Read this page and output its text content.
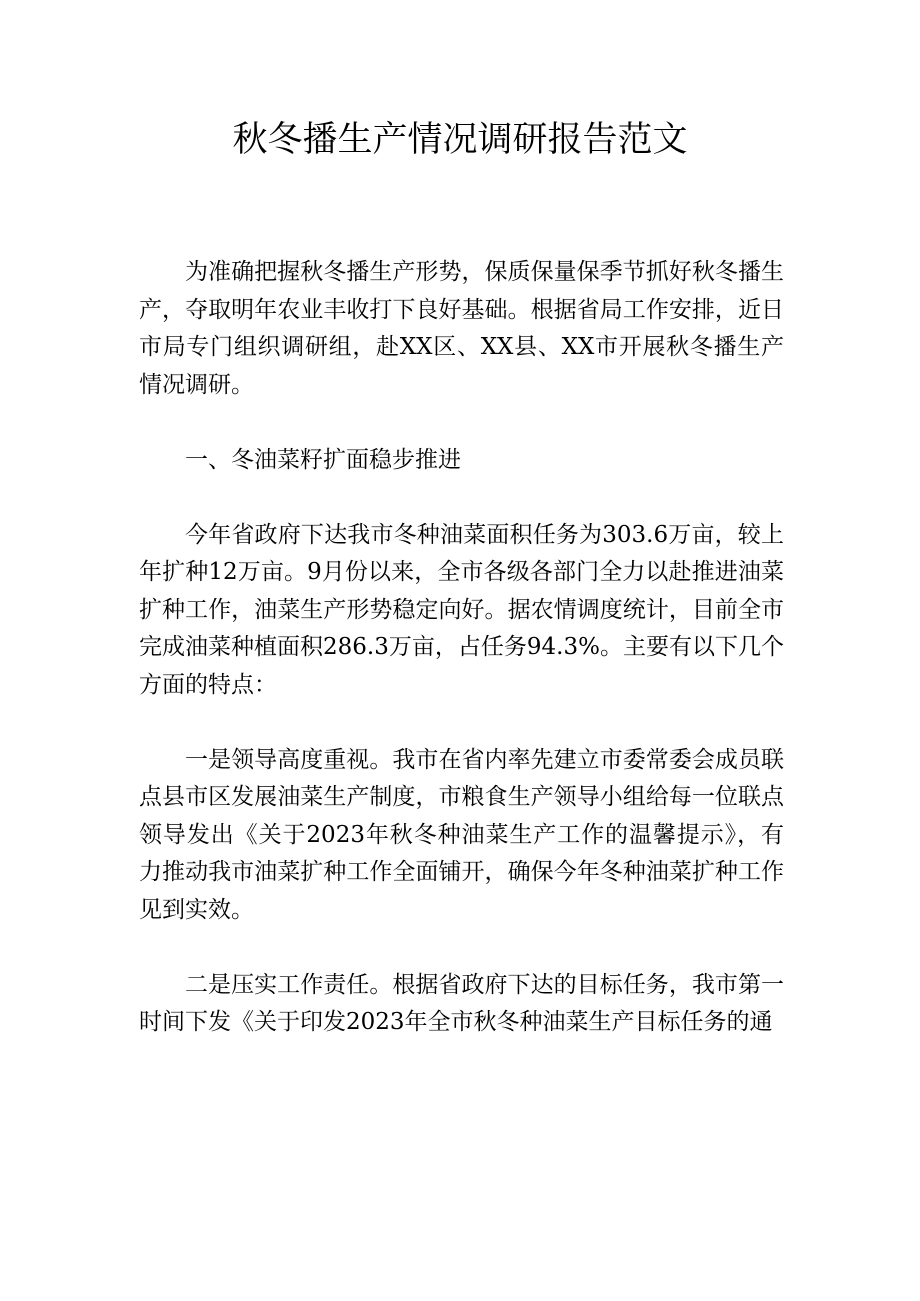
秋冬播生产情况调研报告范文

为准确把握秋冬播生产形势，保质保量保季节抓好秋冬播生产，夺取明年农业丰收打下良好基础。根据省局工作安排，近日市局专门组织调研组，赴XX区、XX县、XX市开展秋冬播生产情况调研。

一、冬油菜籽扩面稳步推进

今年省政府下达我市冬种油菜面积任务为303.6万亩，较上年扩种12万亩。9月份以来，全市各级各部门全力以赴推进油菜扩种工作，油菜生产形势稳定向好。据农情调度统计，目前全市完成油菜种植面积286.3万亩，占任务94.3%。主要有以下几个方面的特点：

一是领导高度重视。我市在省内率先建立市委常委会成员联点县市区发展油菜生产制度，市粮食生产领导小组给每一位联点领导发出《关于2023年秋冬种油菜生产工作的温馨提示》，有力推动我市油菜扩种工作全面铺开，确保今年冬种油菜扩种工作见到实效。

二是压实工作责任。根据省政府下达的目标任务，我市第一时间下发《关于印发2023年全市秋冬种油菜生产目标任务的通
